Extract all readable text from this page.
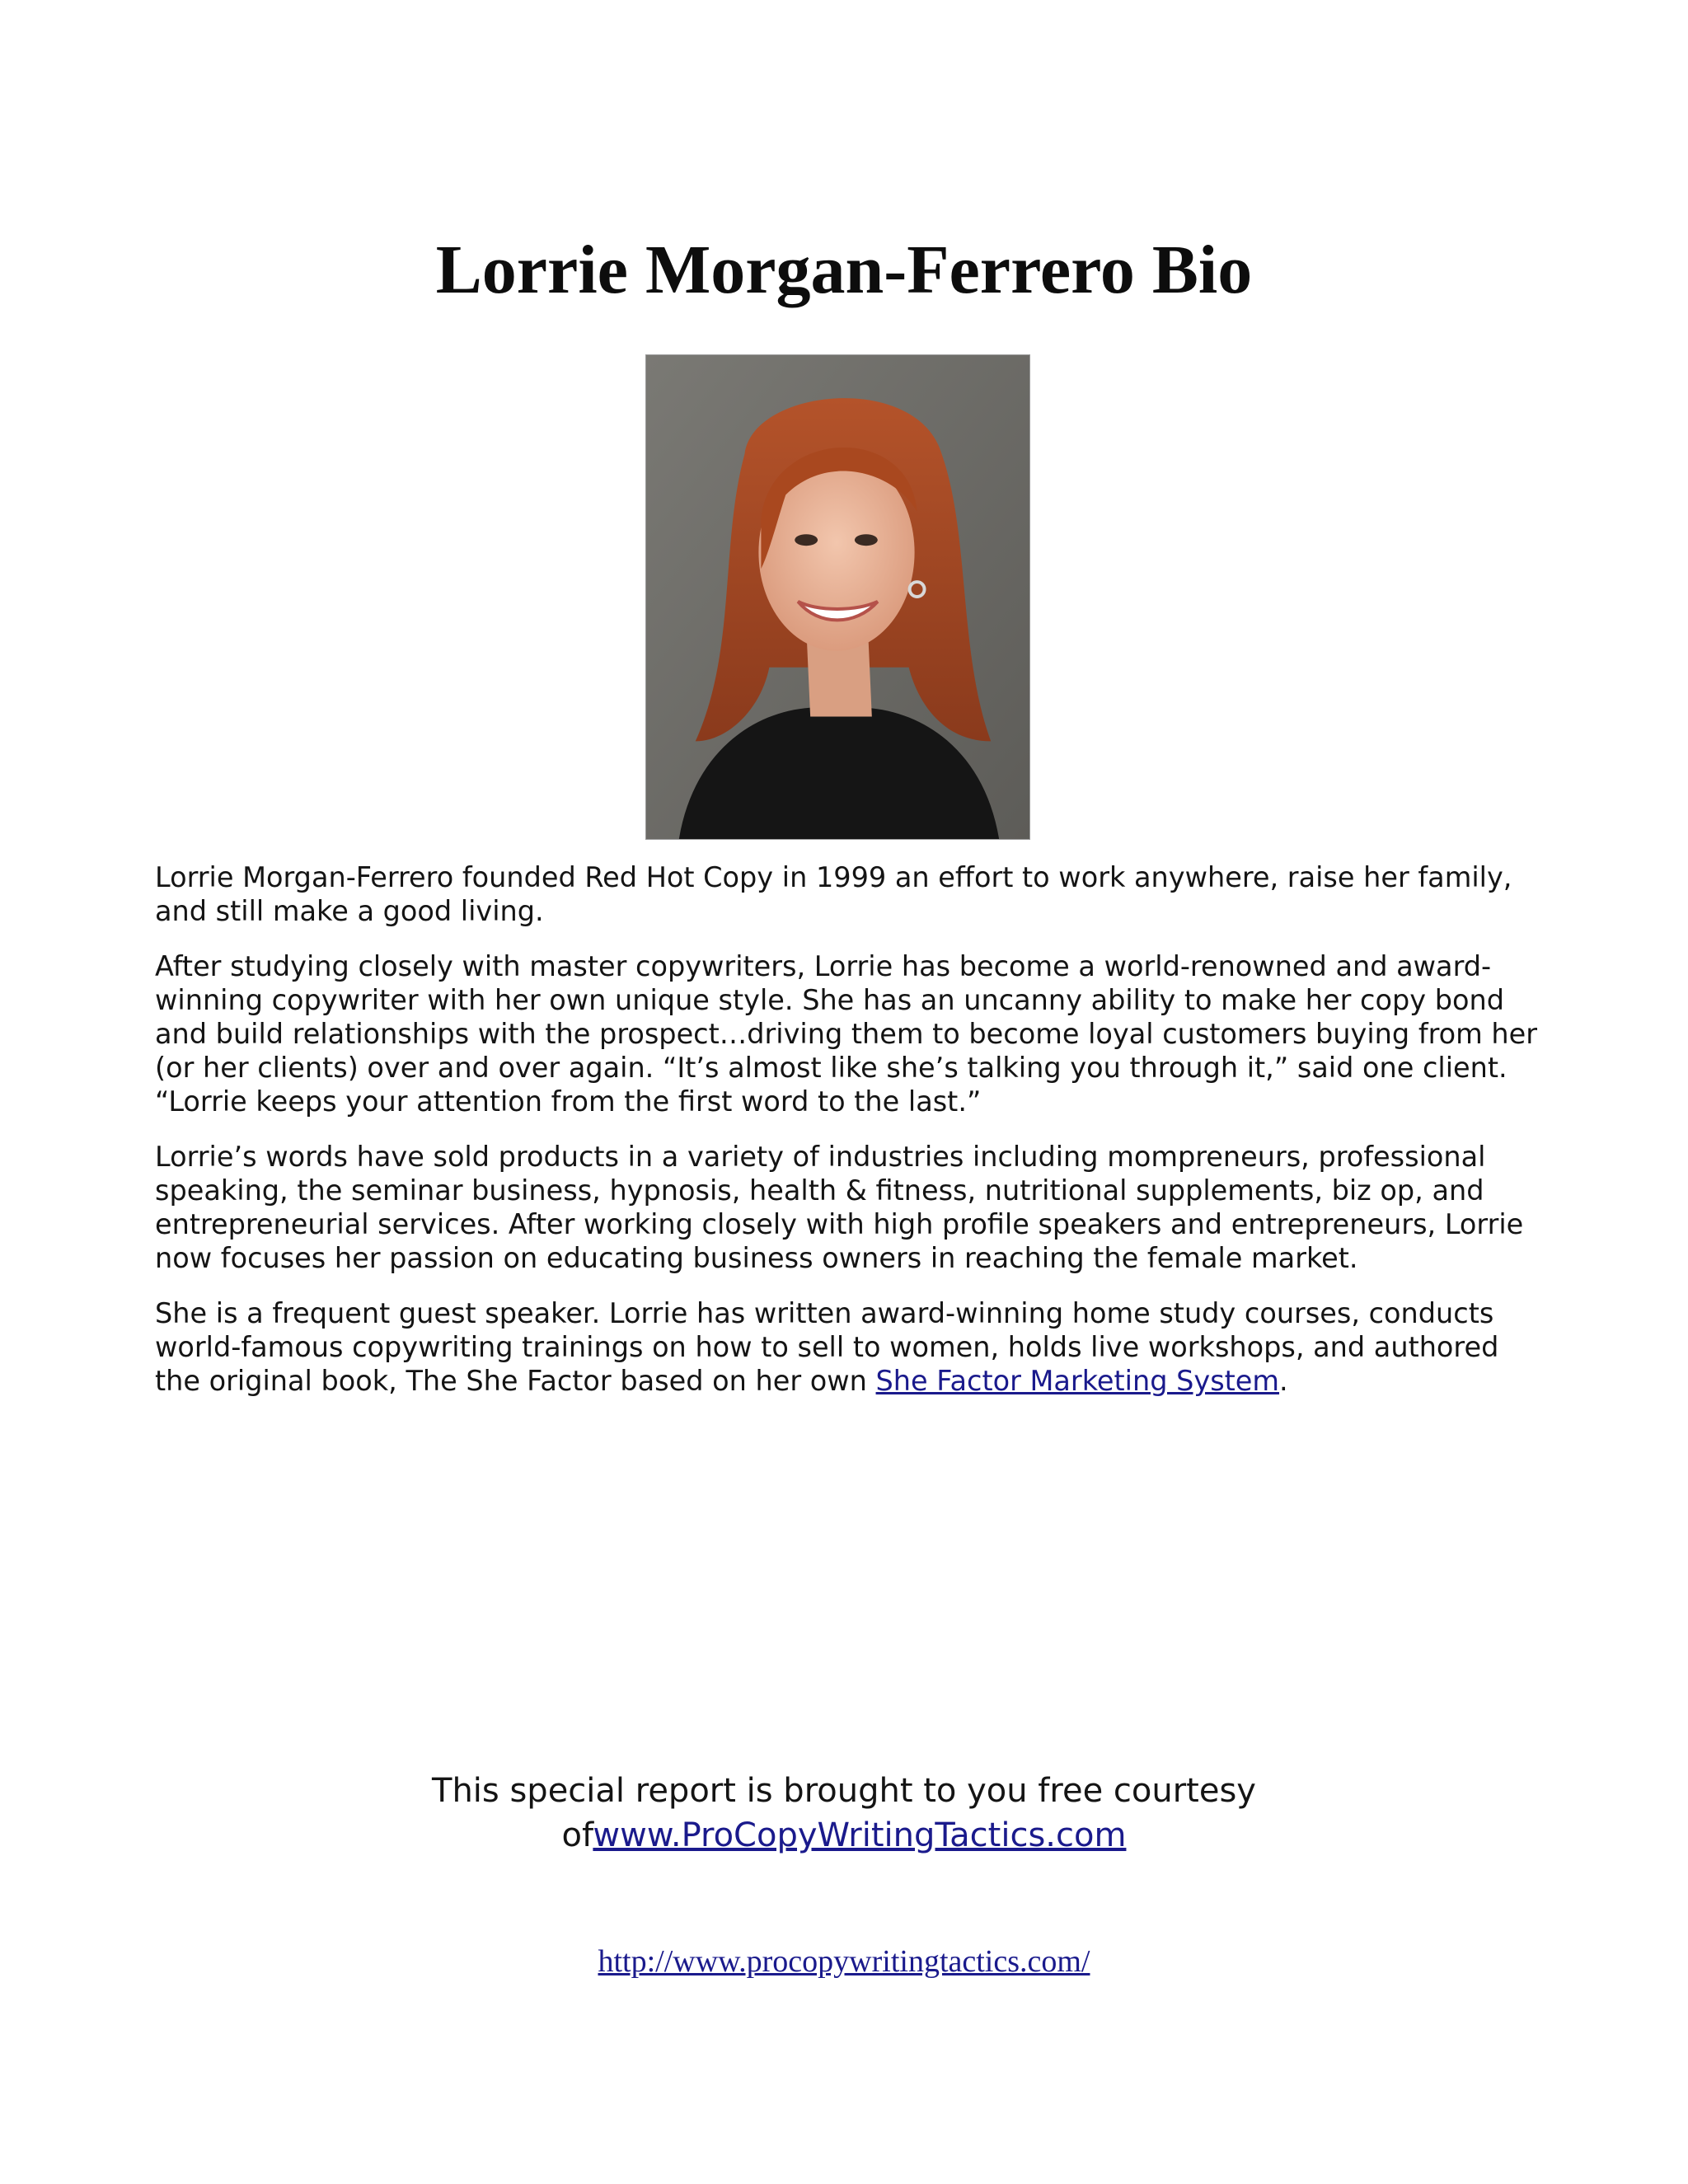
Lorrie Morgan-Ferrero Bio

Lorrie Morgan-Ferrero founded Red Hot Copy in 1999 an effort to work anywhere, raise her family, and still make a good living.

After studying closely with master copywriters, Lorrie has become a world-renowned and award-winning copywriter with her own unique style. She has an uncanny ability to make her copy bond and build relationships with the prospect…driving them to become loyal customers buying from her (or her clients) over and over again. “It’s almost like she’s talking you through it,” said one client. “Lorrie keeps your attention from the first word to the last.”

Lorrie’s words have sold products in a variety of industries including mompreneurs, professional speaking, the seminar business, hypnosis, health & fitness, nutritional supplements, biz op, and entrepreneurial services. After working closely with high profile speakers and entrepreneurs, Lorrie now focuses her passion on educating business owners in reaching the female market.

She is a frequent guest speaker. Lorrie has written award-winning home study courses, conducts world-famous copywriting trainings on how to sell to women, holds live workshops, and authored the original book, The She Factor based on her own She Factor Marketing System.

This special report is brought to you free courtesy
ofwww.ProCopyWritingTactics.com
http://www.procopywritingtactics.com/
